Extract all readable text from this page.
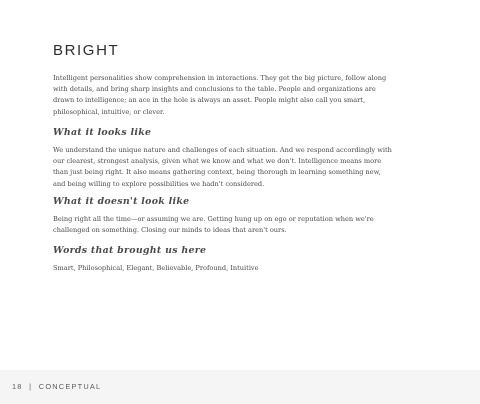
BRIGHT

Intelligent personalities show comprehension in interactions. They get the big picture, follow along with details, and bring sharp insights and conclusions to the table. People and organizations are drawn to intelligence; an ace in the hole is always an asset. People might also call you smart, philosophical, intuitive, or clever.

What it looks like

We understand the unique nature and challenges of each situation. And we respond accordingly with our clearest, strongest analysis, given what we know and what we don't. Intelligence means more than just being right. It also means gathering context, being thorough in learning something new, and being willing to explore possibilities we hadn't considered.

What it doesn't look like

Being right all the time—or assuming we are. Getting hung up on ego or reputation when we're challenged on something. Closing our minds to ideas that aren't ours.

Words that brought us here

Smart, Philosophical, Elegant, Believable, Profound, Intuitive

18 | CONCEPTUAL
